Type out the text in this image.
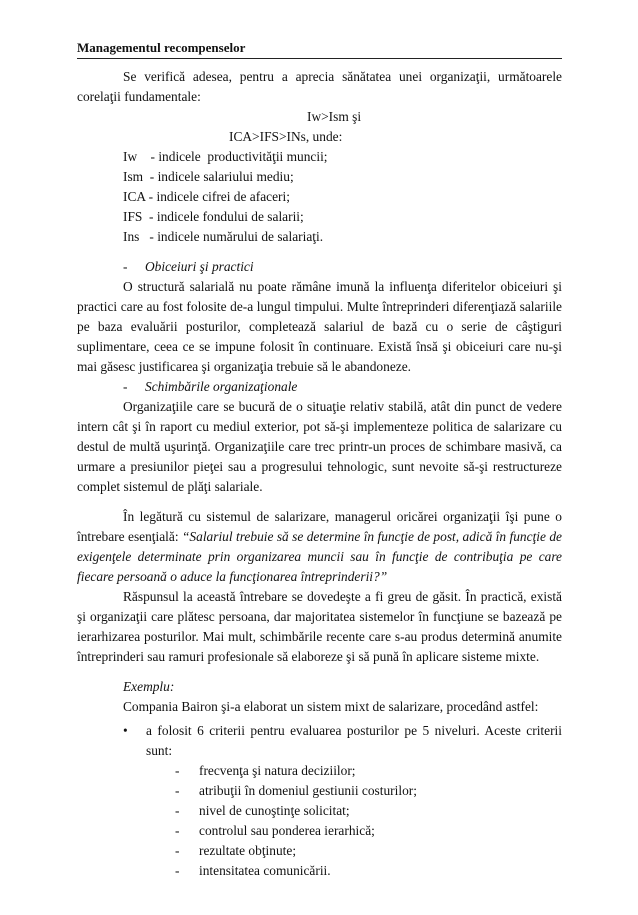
Managementul recompenselor

Se verifică adesea, pentru a aprecia sănătatea unei organizaţii, următoarele corelaţii fundamentale:

Iw>Ism şi

ICA>IFS>INs, unde:

Iw    - indicele  productivităţii muncii;

Ism  - indicele salariului mediu;

ICA - indicele cifrei de afaceri;

IFS  - indicele fondului de salarii;

Ins   - indicele numărului de salariaţi.

- Obiceiuri şi practici

O structură salarială nu poate rămâne imună la influenţa diferitelor obiceiuri şi practici care au fost folosite de-a lungul timpului. Multe întreprinderi diferenţiază salariile pe baza evaluării posturilor, completează salariul de bază cu o serie de câştiguri suplimentare, ceea ce se impune folosit în continuare. Există însă şi obiceiuri care nu-şi mai găsesc justificarea şi organizaţia trebuie să le abandoneze.

- Schimbările organizaţionale

Organizaţiile care se bucură de o situaţie relativ stabilă, atât din punct de vedere intern cât şi în raport cu mediul exterior, pot să-şi implementeze politica de salarizare cu destul de multă uşurinţă. Organizaţiile care trec printr-un proces de schimbare masivă, ca urmare a presiunilor pieţei sau a progresului tehnologic, sunt nevoite să-şi restructureze complet sistemul de plăţi salariale.

În legătură cu sistemul de salarizare, managerul oricărei organizaţii îşi pune o întrebare esenţială: “Salariul trebuie să se determine în funcţie de post, adică în funcţie de exigenţele determinate prin organizarea muncii sau în funcţie de contribuţia pe care fiecare persoană o aduce la funcţionarea întreprinderii?”

Răspunsul la această întrebare se dovedeşte a fi greu de găsit. În practică, există şi organizaţii care plătesc persoana, dar majoritatea sistemelor în funcţiune se bazează pe ierarhizarea posturilor. Mai mult, schimbările recente care s-au produs determină anumite întreprinderi sau ramuri profesionale să elaboreze şi să pună în aplicare sisteme mixte.

Exemplu:

Compania Bairon şi-a elaborat un sistem mixt de salarizare, procedând astfel:

• a folosit 6 criterii pentru evaluarea posturilor pe 5 niveluri. Aceste criterii sunt:

- frecvenţa şi natura deciziilor;

- atribuţii în domeniul gestiunii costurilor;

- nivel de cunoştinţe solicitat;

- controlul sau ponderea ierarhică;

- rezultate obţinute;

- intensitatea comunicării.
